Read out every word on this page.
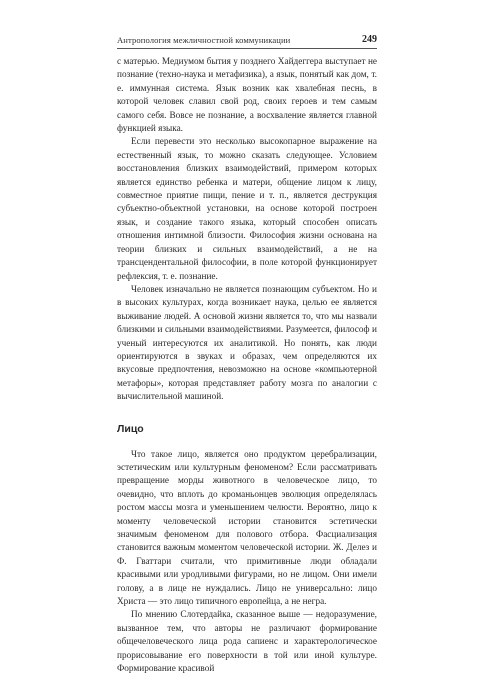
Антропология межличностной коммуникации	249

с матерью. Медиумом бытия у позднего Хайдеггера выступает не познание (техно-наука и метафизика), а язык, понятый как дом, т. е. иммунная система. Язык возник как хвалебная песнь, в которой человек славил свой род, своих героев и тем самым самого себя. Вовсе не познание, а восхваление является главной функцией языка.

Если перевести это несколько высокопарное выражение на естественный язык, то можно сказать следующее. Условием восстановления близких взаимодействий, примером которых является единство ребенка и матери, общение лицом к лицу, совместное приятие пищи, пение и т. п., является деструкция субъектно-объектной установки, на основе которой построен язык, и создание такого языка, который способен описать отношения интимной близости. Философия жизни основана на теории близких и сильных взаимодействий, а не на трансцендентальной философии, в поле которой функционирует рефлексия, т. е. познание.

Человек изначально не является познающим субъектом. Но и в высоких культурах, когда возникает наука, целью ее является выживание людей. А основой жизни является то, что мы назвали близкими и сильными взаимодействиями. Разумеется, философ и ученый интересуются их аналитикой. Но понять, как люди ориентируются в звуках и образах, чем определяются их вкусовые предпочтения, невозможно на основе «компьютерной метафоры», которая представляет работу мозга по аналогии с вычислительной машиной.

Лицо

Что такое лицо, является оно продуктом церебрализации, эстетическим или культурным феноменом? Если рассматривать превращение морды животного в человеческое лицо, то очевидно, что вплоть до кроманьонцев эволюция определялась ростом массы мозга и уменьшением челюсти. Вероятно, лицо к моменту человеческой истории становится эстетически значимым феноменом для полового отбора. Фасциализация становится важным моментом человеческой истории. Ж. Делез и Ф. Гваттари считали, что примитивные люди обладали красивыми или уродливыми фигурами, но не лицом. Они имели голову, а в лице не нуждались. Лицо не универсально: лицо Христа — это лицо типичного европейца, а не негра.

По мнению Слотердайка, сказанное выше — недоразумение, вызванное тем, что авторы не различают формирование общечеловеческого лица рода сапиенс и характерологическое прорисовывание его поверхности в той или иной культуре. Формирование красивой
